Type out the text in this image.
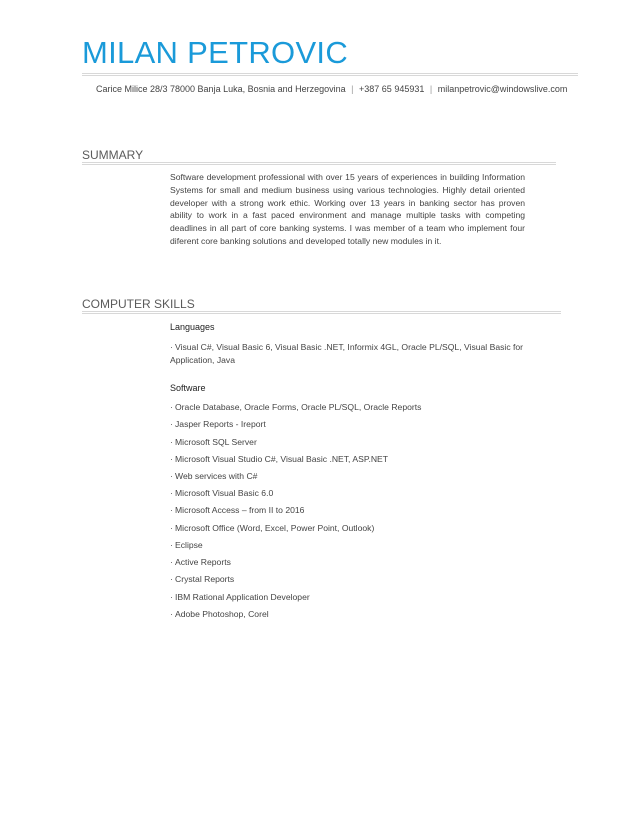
MILAN PETROVIC
Carice Milice 28/3 78000 Banja Luka, Bosnia and Herzegovina | +387 65 945931 | milanpetrovic@windowslive.com
SUMMARY
Software development professional with over 15 years of experiences in building Information Systems for small and medium business using various technologies. Highly detail oriented developer with a strong work ethic. Working over 13 years in banking sector has proven ability to work in a fast paced environment and manage multiple tasks with competing deadlines in all part of core banking systems. I was member of a team who implement four diferent core banking solutions and developed totally new modules in it.
COMPUTER SKILLS
Languages
· Visual C#, Visual Basic 6, Visual Basic .NET, Informix 4GL, Oracle PL/SQL, Visual Basic for Application, Java
Software
· Oracle Database, Oracle Forms, Oracle PL/SQL, Oracle Reports
· Jasper Reports - Ireport
· Microsoft SQL Server
· Microsoft Visual Studio C#, Visual Basic .NET, ASP.NET
· Web services with C#
· Microsoft Visual Basic 6.0
· Microsoft Access – from II to 2016
· Microsoft Office (Word, Excel, Power Point, Outlook)
· Eclipse
· Active Reports
· Crystal Reports
· IBM Rational Application Developer
· Adobe Photoshop, Corel
